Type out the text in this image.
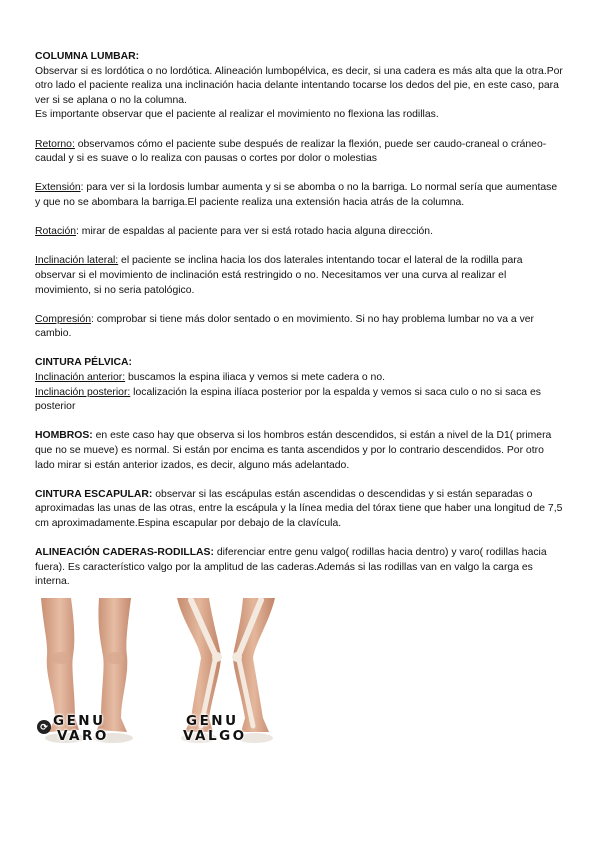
COLUMNA LUMBAR:

Observar si es lordótica o no lordótica. Alineación lumbopélvica, es decir, si una cadera es más alta que la otra.Por otro lado el paciente realiza una inclinación hacia delante intentando tocarse los dedos del pie, en este caso, para ver si se aplana o no la columna.

Es importante observar que el paciente al realizar el movimiento no flexiona las rodillas.

Retorno: observamos cómo el paciente sube después de realizar la flexión, puede ser caudo-craneal o cráneo-caudal y si es suave o lo realiza con pausas o cortes por dolor o molestias

Extensión: para ver si la lordosis lumbar aumenta y si se abomba o no la barriga. Lo normal sería que aumentase y que no se abombara la barriga.El paciente realiza una extensión hacia atrás de la columna.

Rotación: mirar de espaldas al paciente para ver si está rotado hacia alguna dirección.

Inclinación lateral: el paciente se inclina hacia los dos laterales intentando tocar el lateral de la rodilla para observar si el movimiento de inclinación está restringido o no. Necesitamos ver una curva al realizar el movimiento, si no seria patológico.

Compresión: comprobar si tiene más dolor sentado o en movimiento. Si no hay problema lumbar no va a ver cambio.

CINTURA PÉLVICA:

Inclinación anterior: buscamos la espina iliaca y vemos si mete cadera o no.

Inclinación posterior: localización la espina ilíaca posterior por la espalda y vemos si saca culo o no si saca es posterior

HOMBROS: en este caso hay que observa si los hombros están descendidos, si están a nivel de la D1( primera que no se mueve) es normal. Si están por encima es tanta ascendidos y por lo contrario descendidos. Por otro lado mirar si están anterior izados, es decir, alguno más adelantado.

CINTURA ESCAPULAR: observar si las escápulas están ascendidas o descendidas y si están separadas o aproximadas las unas de las otras, entre la escápula y la línea media del tórax tiene que haber una longitud de 7,5 cm aproximadamente.Espina escapular por debajo de la clavícula.

ALINEACIÓN CADERAS-RODILLAS: diferenciar entre genu valgo( rodillas hacia dentro) y varo( rodillas hacia fuera). Es característico valgo por la amplitud de las caderas.Además si las rodillas van en valgo la carga es interna.

⟳ GENU
VARO
GENU
VALGO
